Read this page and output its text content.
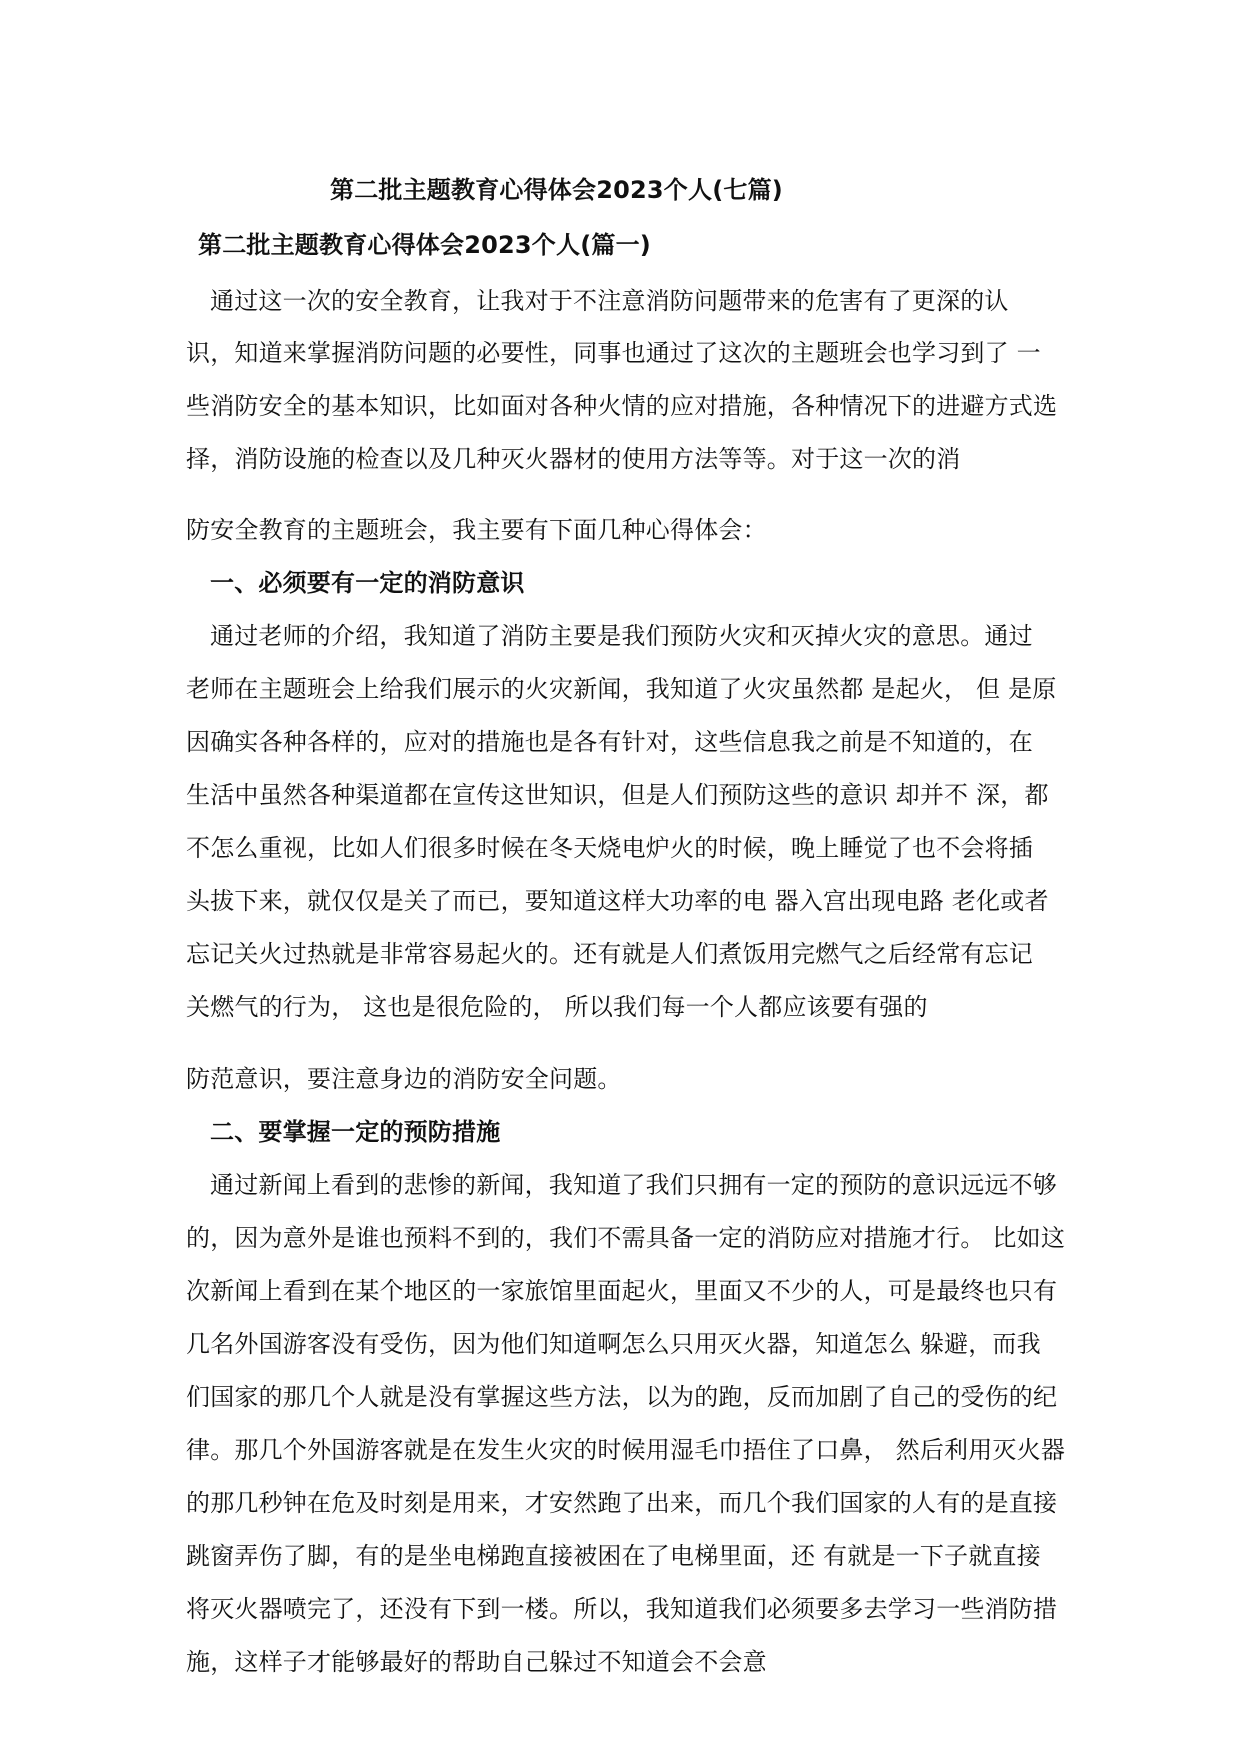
第二批主题教育心得体会2023个人(七篇)
第二批主题教育心得体会2023个人(篇一)
通过这一次的安全教育，让我对于不注意消防问题带来的危害有了更深的认
识，知道来掌握消防问题的必要性，同事也通过了这次的主题班会也学习到了 一
些消防安全的基本知识，比如面对各种火情的应对措施，各种情况下的进避方式选
择，消防设施的检查以及几种灭火器材的使用方法等等。对于这一次的消
防安全教育的主题班会，我主要有下面几种心得体会：
一、必须要有一定的消防意识
通过老师的介绍，我知道了消防主要是我们预防火灾和灭掉火灾的意思。通过
老师在主题班会上给我们展示的火灾新闻，我知道了火灾虽然都 是起火， 但 是原
因确实各种各样的，应对的措施也是各有针对，这些信息我之前是不知道的，在
生活中虽然各种渠道都在宣传这世知识，但是人们预防这些的意识 却并不 深，都
不怎么重视，比如人们很多时候在冬天烧电炉火的时候，晚上睡觉了也不会将插
头拔下来，就仅仅是关了而已，要知道这样大功率的电 器入宫出现电路 老化或者
忘记关火过热就是非常容易起火的。还有就是人们煮饭用完燃气之后经常有忘记
关燃气的行为， 这也是很危险的， 所以我们每一个人都应该要有强的
防范意识，要注意身边的消防安全问题。
二、要掌握一定的预防措施
通过新闻上看到的悲惨的新闻，我知道了我们只拥有一定的预防的意识远远不够
的，因为意外是谁也预料不到的，我们不需具备一定的消防应对措施才行。 比如这
次新闻上看到在某个地区的一家旅馆里面起火，里面又不少的人，可是最终也只有
几名外国游客没有受伤，因为他们知道啊怎么只用灭火器，知道怎么 躲避，而我
们国家的那几个人就是没有掌握这些方法，以为的跑，反而加剧了自己的受伤的纪
律。那几个外国游客就是在发生火灾的时候用湿毛巾捂住了口鼻， 然后利用灭火器
的那几秒钟在危及时刻是用来，才安然跑了出来，而几个我们国家的人有的是直接
跳窗弄伤了脚，有的是坐电梯跑直接被困在了电梯里面，还 有就是一下子就直接
将灭火器喷完了，还没有下到一楼。所以，我知道我们必须要多去学习一些消防措
施，这样子才能够最好的帮助自己躲过不知道会不会意
